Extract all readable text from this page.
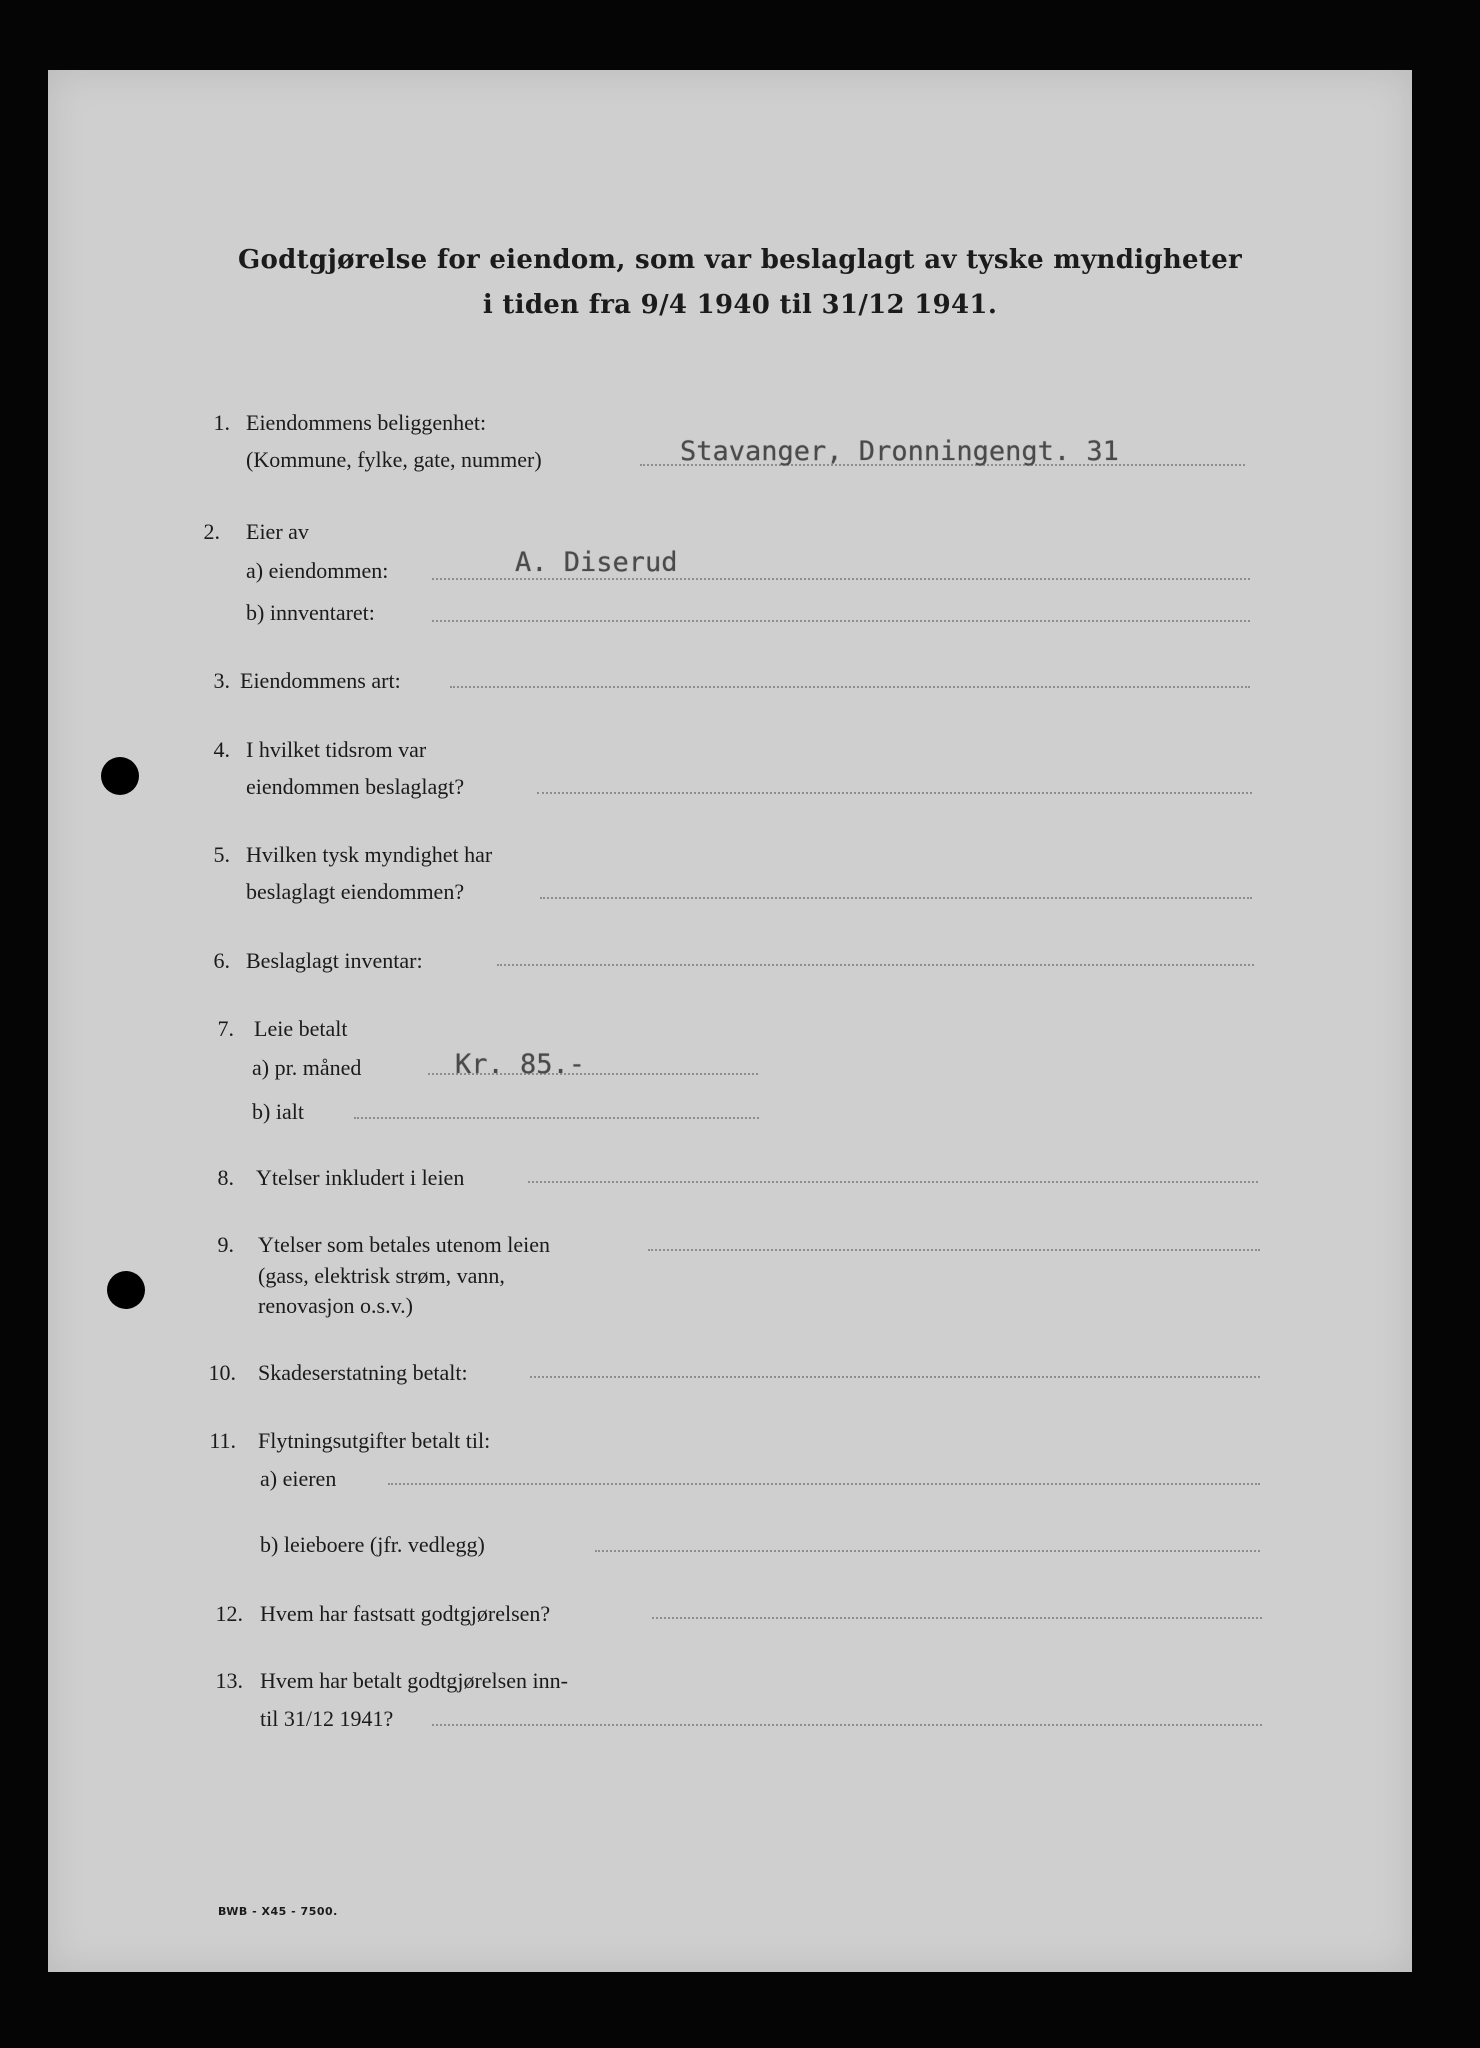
Godtgjørelse for eiendom, som var beslaglagt av tyske myndigheter
i tiden fra 9/4 1940 til 31/12 1941.
1. Eiendommens beliggenhet:
(Kommune, fylke, gate, nummer)	Stavanger, Dronningengt. 31
2. Eier av
a) eiendommen:	A. Diserud
b) innventaret:
3. Eiendommens art:
4. I hvilket tidsrom var
eiendommen beslaglagt?
5. Hvilken tysk myndighet har
beslaglagt eiendommen?
6. Beslaglagt inventar:
7. Leie betalt
a) pr. måned	Kr. 85.-
b) ialt
8. Ytelser inkludert i leien
9. Ytelser som betales utenom leien
(gass, elektrisk strøm, vann,
renovasjon o.s.v.)
10. Skadeserstatning betalt:
11. Flytningsutgifter betalt til:
a) eieren
b) leieboere (jfr. vedlegg)
12. Hvem har fastsatt godtgjørelsen?
13. Hvem har betalt godtgjørelsen inn-
til 31/12 1941?
BWB - X45 - 7500.
